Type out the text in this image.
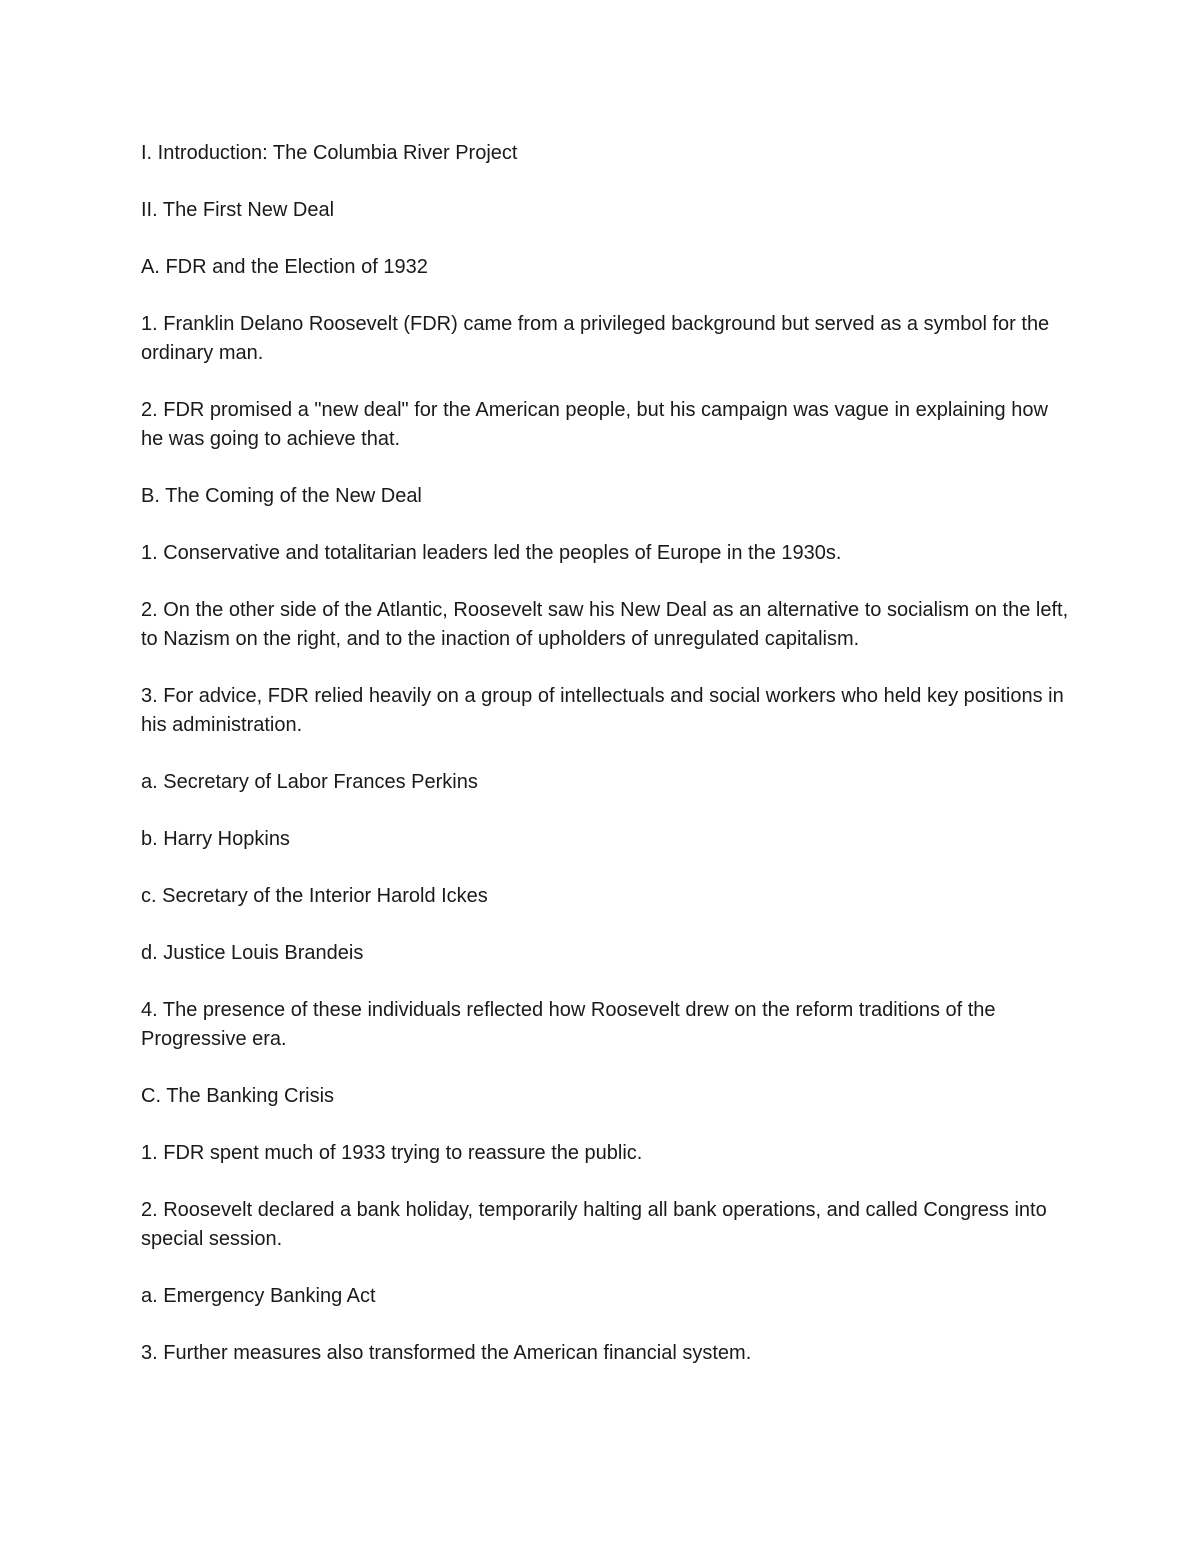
I. Introduction: The Columbia River Project

II. The First New Deal

A. FDR and the Election of 1932

1. Franklin Delano Roosevelt (FDR) came from a privileged background but served as a symbol for the ordinary man.

2. FDR promised a "new deal" for the American people, but his campaign was vague in explaining how he was going to achieve that.

B. The Coming of the New Deal

1. Conservative and totalitarian leaders led the peoples of Europe in the 1930s.

2. On the other side of the Atlantic, Roosevelt saw his New Deal as an alternative to socialism on the left, to Nazism on the right, and to the inaction of upholders of unregulated capitalism.

3. For advice, FDR relied heavily on a group of intellectuals and social workers who held key positions in his administration.

a. Secretary of Labor Frances Perkins

b. Harry Hopkins

c. Secretary of the Interior Harold Ickes

d. Justice Louis Brandeis

4. The presence of these individuals reflected how Roosevelt drew on the reform traditions of the Progressive era.

C. The Banking Crisis

1. FDR spent much of 1933 trying to reassure the public.

2. Roosevelt declared a bank holiday, temporarily halting all bank operations, and called Congress into special session.

a. Emergency Banking Act

3. Further measures also transformed the American financial system.
